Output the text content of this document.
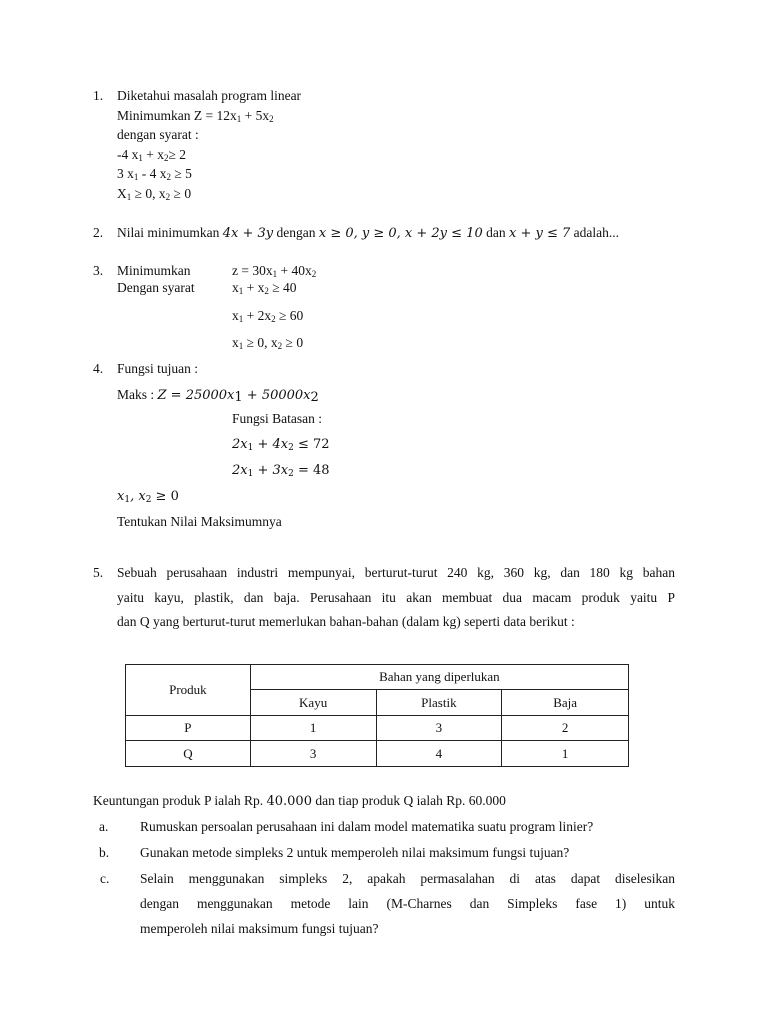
1. Diketahui masalah program linear
Minimumkan $Z = 12x_1 + 5x_2$
dengan syarat :
-4 $x_1 + x_2\ge 2$
3 $x_1 - 4$ $x_2 \ge 5$
$X_1 \ge 0$, $x_2 \ge 0$
2. Nilai minimumkan 4x + 3y dengan x ≥ 0, y ≥ 0, x + 2y ≤ 10 dan x + y ≤ 7 adalah...
3. Minimumkan	$z = 30x_1 + 40x_2$
Dengan syarat	$x_1 + x_2 \ge 40$
$x_1 + 2x_2 \ge 60$
$x_1 \ge 0$, $x_2 \ge 0$
4. Fungsi tujuan :
Maks : $Z = 25000x_1 + 50000x_2$
Fungsi Batasan :
$2x_1 + 4x_2 \le 72$
$2x_1 + 3x_2 = 48$
$x_1$, $x_2 \ge 0$
Tentukan Nilai Maksimumnya
5. Sebuah perusahaan industri mempunyai, berturut-turut 240 kg, 360 kg, dan 180 kg bahan
yaitu kayu, plastik, dan baja. Perusahaan itu akan membuat dua macam produk yaitu P
dan Q yang berturut-turut memerlukan bahan-bahan (dalam kg) seperti data berikut :
Produk	Bahan yang diperlukan		
	Kayu	Plastik	Baja
P	1	3	2
Q	3	4	1
Keuntungan produk P ialah Rp. 40.000 dan tiap produk Q ialah Rp. 60.000
a. Rumuskan persoalan perusahaan ini dalam model matematika suatu program linier?
b. Gunakan metode simpleks 2 untuk memperoleh nilai maksimum fungsi tujuan?
c. Selain menggunakan simpleks 2, apakah permasalahan di atas dapat diselesikan
dengan menggunakan metode lain (M-Charnes dan Simpleks fase 1) untuk
memperoleh nilai maksimum fungsi tujuan?
